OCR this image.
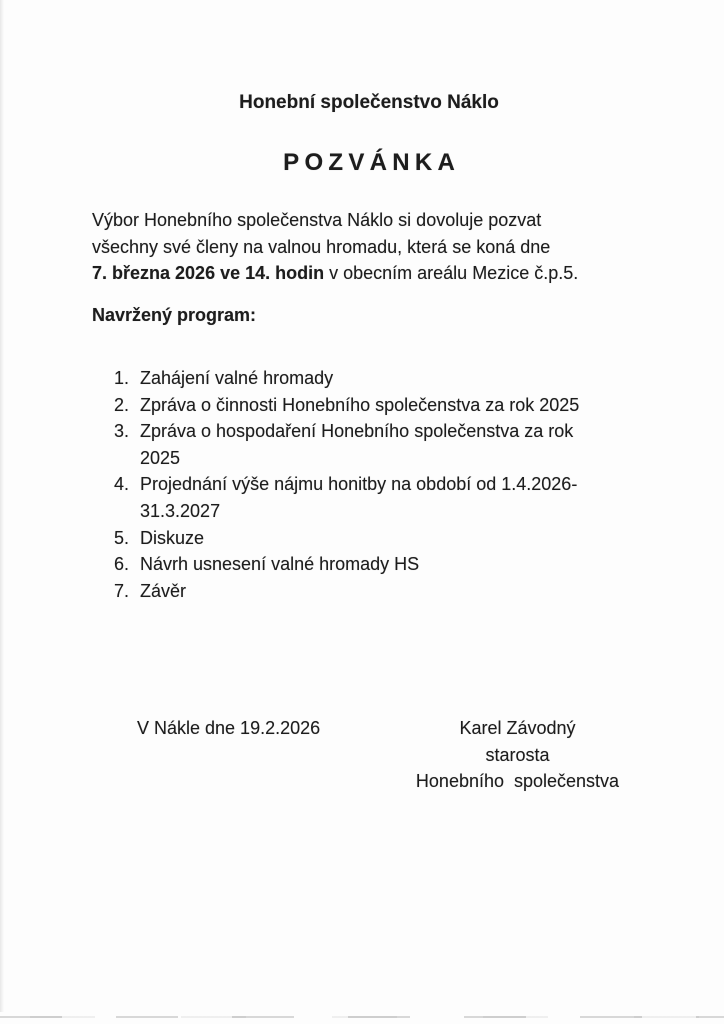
Honební společenstvo Náklo
POZVÁNKA
Výbor Honebního společenstva Náklo si dovoluje pozvat
všechny své členy na valnou hromadu, která se koná dne
7. března 2026 ve 14. hodin v obecním areálu Mezice č.p.5.
Navržený program:
1. Zahájení valné hromady
2. Zpráva o činnosti Honebního společenstva za rok 2025
3. Zpráva o hospodaření Honebního společenstva za rok
2025
4. Projednání výše nájmu honitby na období od 1.4.2026-
31.3.2027
5. Diskuze
6. Návrh usnesení valné hromady HS
7. Závěr
V Nákle dne 19.2.2026	Karel Závodný
starosta
Honebního  společenstva
